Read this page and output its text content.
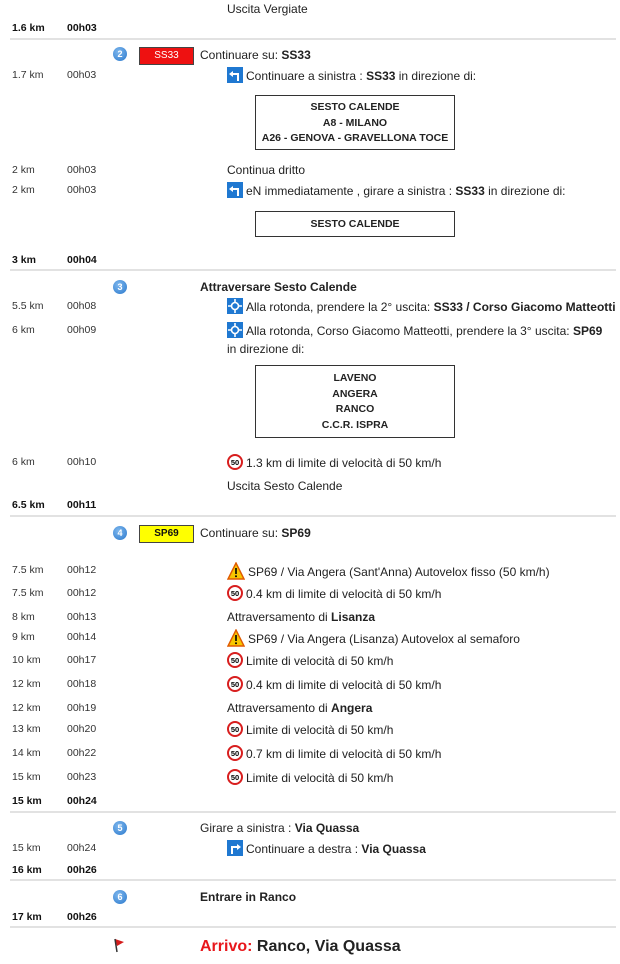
Uscita Vergiate
1.6 km 00h03
2	SS33	Continuare su: SS33
1.7 km 00h03	Continuare a sinistra : SS33 in direzione di:
SESTO CALENDE
A8 - MILANO
A26 - GENOVA - GRAVELLONA TOCE
2 km	00h03	Continua dritto
2 km	00h03	eN immediatamente , girare a sinistra : SS33 in direzione di:
SESTO CALENDE
3 km	00h04
3	Attraversare Sesto Calende
5.5 km 00h08	Alla rotonda, prendere la 2° uscita: SS33 / Corso Giacomo Matteotti
6 km	00h09	Alla rotonda, Corso Giacomo Matteotti, prendere la 3° uscita: SP69
in direzione di:
LAVENO
ANGERA
RANCO
C.C.R. ISPRA
6 km	00h10	1.3 km di limite di velocità di 50 km/h
Uscita Sesto Calende
6.5 km 00h11
4	SP69	Continuare su: SP69
7.5 km 00h12	SP69 / Via Angera (Sant'Anna) Autovelox fisso (50 km/h)
7.5 km 00h12	0.4 km di limite di velocità di 50 km/h
8 km	00h13	Attraversamento di Lisanza
9 km	00h14	SP69 / Via Angera (Lisanza) Autovelox al semaforo
10 km	00h17	Limite di velocità di 50 km/h
12 km	00h18	0.4 km di limite di velocità di 50 km/h
12 km	00h19	Attraversamento di Angera
13 km	00h20	Limite di velocità di 50 km/h
14 km	00h22	0.7 km di limite di velocità di 50 km/h
15 km	00h23	Limite di velocità di 50 km/h
15 km 00h24
5	Girare a sinistra : Via Quassa
15 km	00h24	Continuare a destra : Via Quassa
16 km 00h26
6	Entrare in Ranco
17 km 00h26
Arrivo: Ranco, Via Quassa
